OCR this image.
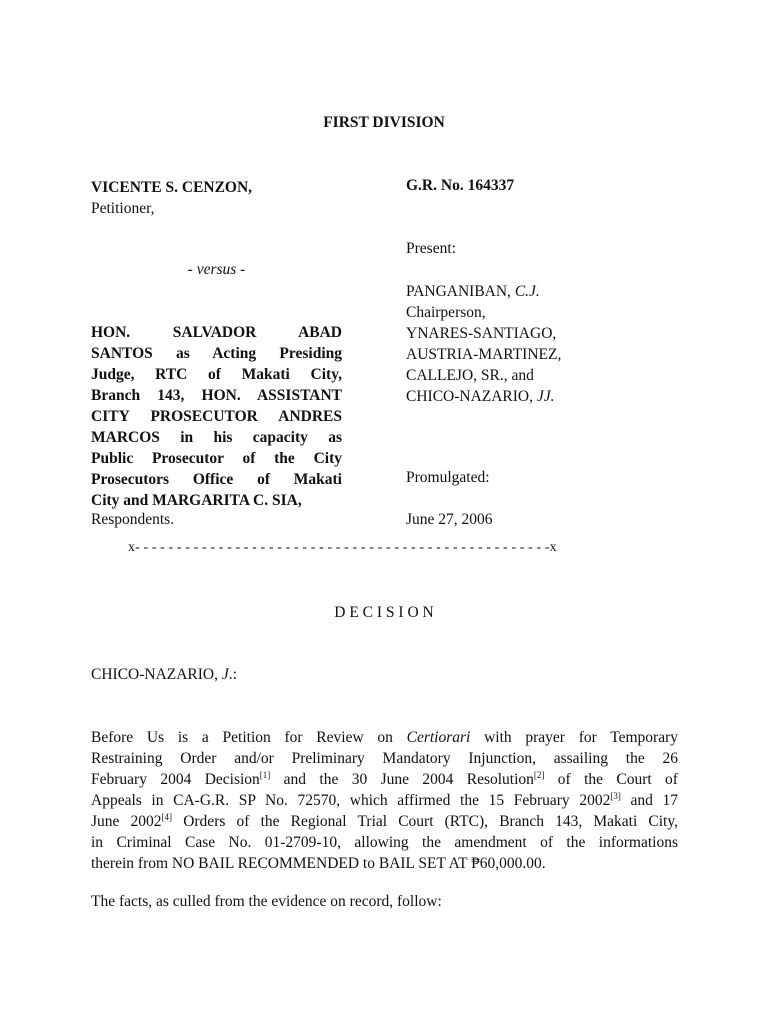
FIRST DIVISION
VICENTE S. CENZON,
Petitioner,
- versus -
HON. SALVADOR ABAD
SANTOS as Acting Presiding
Judge, RTC of Makati City,
Branch 143, HON. ASSISTANT
CITY PROSECUTOR ANDRES
MARCOS in his capacity as
Public Prosecutor of the City
Prosecutors Office of Makati
City and MARGARITA C. SIA,
Respondents.
G.R. No. 164337
Present:
PANGANIBAN, C.J.
Chairperson,
YNARES-SANTIAGO,
AUSTRIA-MARTINEZ,
CALLEJO, SR., and
CHICO-NAZARIO, JJ.
Promulgated:
June 27, 2006
x- - - - - - - - - - - - - - - - - - - - - - - - - - - - - - - - - - - - - - - - - - - - - - - - - -x
D E C I S I O N
CHICO-NAZARIO, J.:
Before Us is a Petition for Review on Certiorari with prayer for Temporary
Restraining Order and/or Preliminary Mandatory Injunction, assailing the 26
February 2004 Decision[1] and the 30 June 2004 Resolution[2] of the Court of
Appeals in CA-G.R. SP No. 72570, which affirmed the 15 February 2002[3] and 17
June 2002[4] Orders of the Regional Trial Court (RTC), Branch 143, Makati City,
in Criminal Case No. 01-2709-10, allowing the amendment of the informations
therein from NO BAIL RECOMMENDED to BAIL SET AT ₱60,000.00.
The facts, as culled from the evidence on record, follow:
